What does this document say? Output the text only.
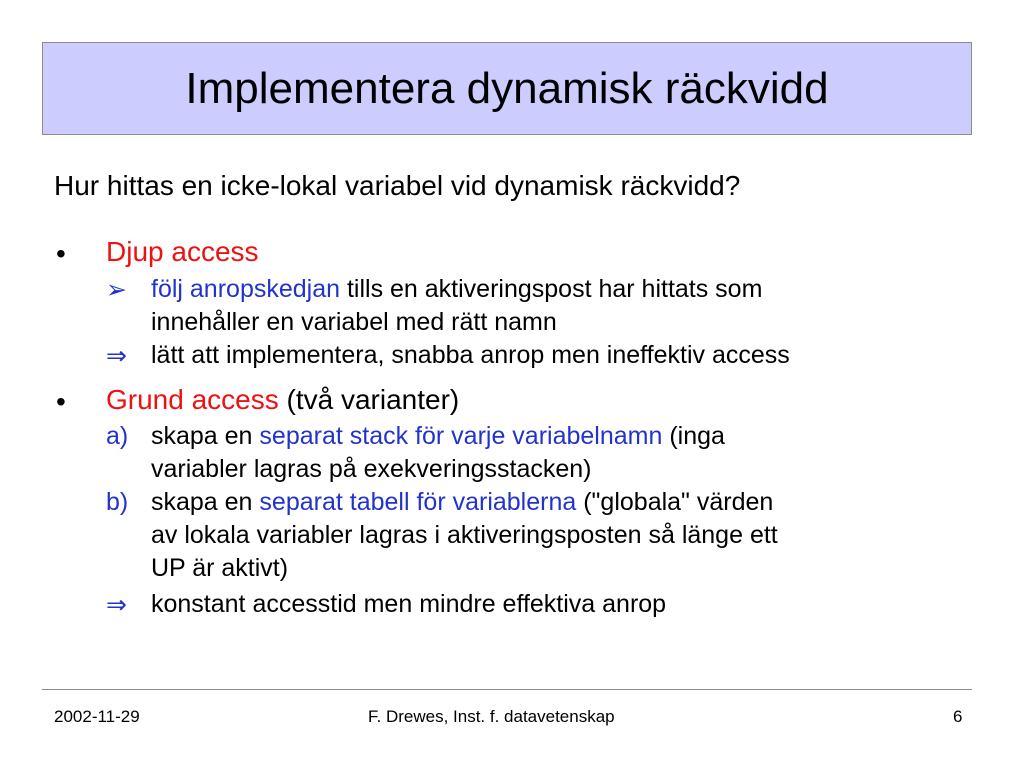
Implementera dynamisk räckvidd
Hur hittas en icke-lokal variabel vid dynamisk räckvidd?
• Djup access
➢ följ anropskedjan tills en aktiveringspost har hittats som
innehåller en variabel med rätt namn
⇒ lätt att implementera, snabba anrop men ineffektiv access
• Grund access (två varianter)
a) skapa en separat stack för varje variabelnamn (inga
variabler lagras på exekveringsstacken)
b) skapa en separat tabell för variablerna ("globala" värden
av lokala variabler lagras i aktiveringsposten så länge ett
UP är aktivt)
⇒ konstant accesstid men mindre effektiva anrop
2002-11-29	F. Drewes, Inst. f. datavetenskap	6
